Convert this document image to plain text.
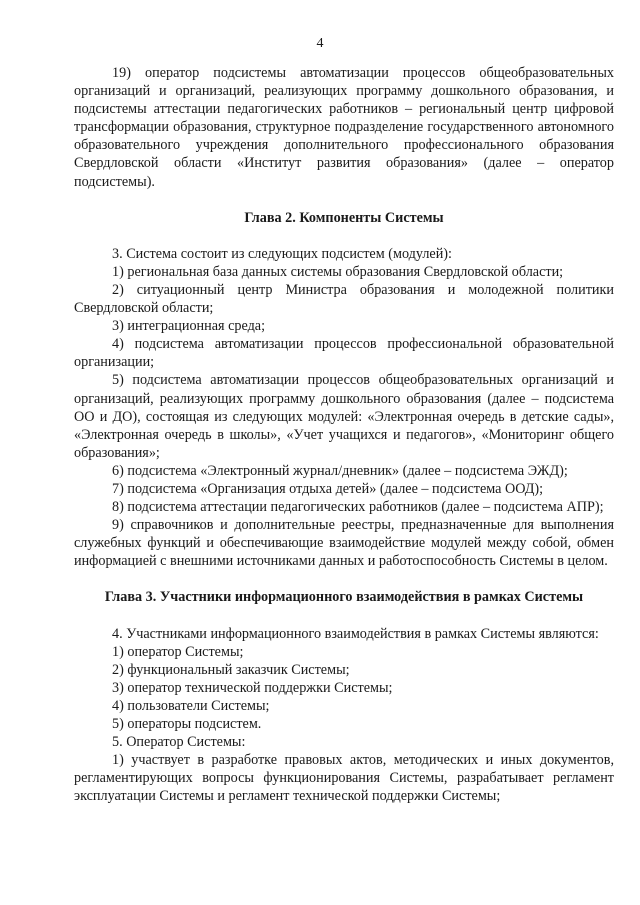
4

19) оператор подсистемы автоматизации процессов общеобразовательных организаций и организаций, реализующих программу дошкольного образования, и подсистемы аттестации педагогических работников – региональный центр цифровой трансформации образования, структурное подразделение государственного автономного образовательного учреждения дополнительного профессионального образования Свердловской области «Институт развития образования» (далее – оператор подсистемы).

Глава 2. Компоненты Системы

3. Система состоит из следующих подсистем (модулей):

1) региональная база данных системы образования Свердловской области;

2) ситуационный центр Министра образования и молодежной политики Свердловской области;

3) интеграционная среда;

4) подсистема автоматизации процессов профессиональной образовательной организации;

5) подсистема автоматизации процессов общеобразовательных организаций и организаций, реализующих программу дошкольного образования (далее – подсистема ОО и ДО), состоящая из следующих модулей: «Электронная очередь в детские сады», «Электронная очередь в школы», «Учет учащихся и педагогов», «Мониторинг общего образования»;

6) подсистема «Электронный журнал/дневник» (далее – подсистема ЭЖД);

7) подсистема «Организация отдыха детей» (далее – подсистема ООД);

8) подсистема аттестации педагогических работников (далее – подсистема АПР);

9) справочников и дополнительные реестры, предназначенные для выполнения служебных функций и обеспечивающие взаимодействие модулей между собой, обмен информацией с внешними источниками данных и работоспособность Системы в целом.

Глава 3. Участники информационного взаимодействия в рамках Системы

4. Участниками информационного взаимодействия в рамках Системы являются:

1) оператор Системы;

2) функциональный заказчик Системы;

3) оператор технической поддержки Системы;

4) пользователи Системы;

5) операторы подсистем.

5. Оператор Системы:

1) участвует в разработке правовых актов, методических и иных документов, регламентирующих вопросы функционирования Системы, разрабатывает регламент эксплуатации Системы и регламент технической поддержки Системы;
